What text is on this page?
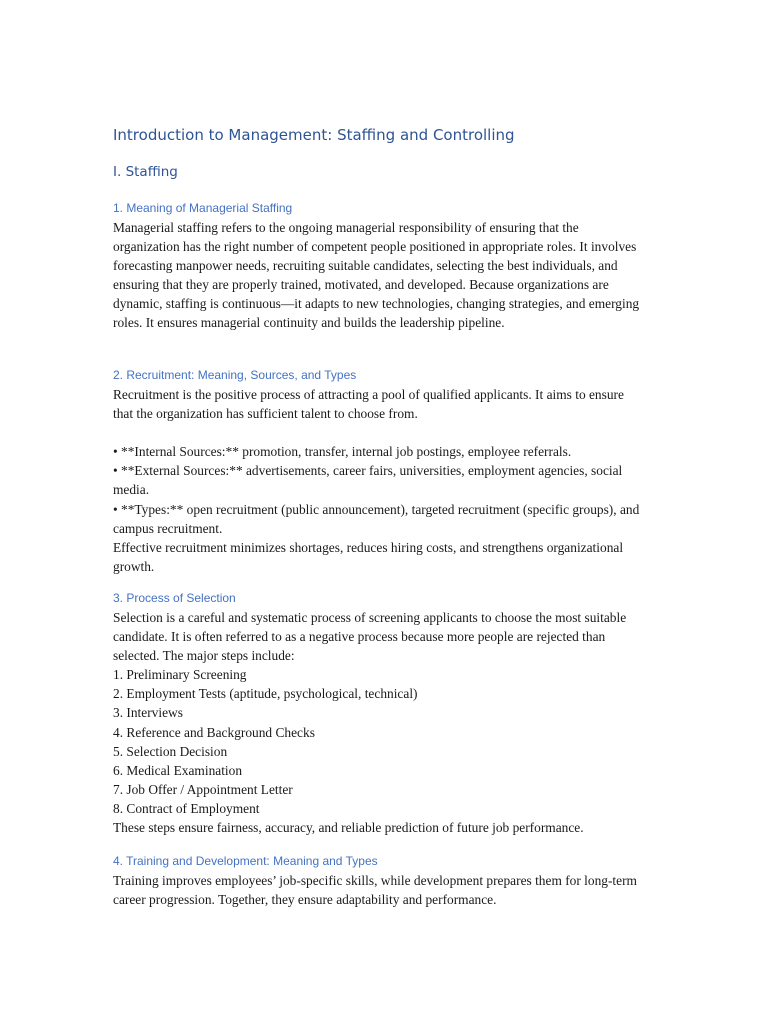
Introduction to Management: Staffing and Controlling
I. Staffing
1. Meaning of Managerial Staffing

Managerial staffing refers to the ongoing managerial responsibility of ensuring that the organization has the right number of competent people positioned in appropriate roles. It involves forecasting manpower needs, recruiting suitable candidates, selecting the best individuals, and ensuring that they are properly trained, motivated, and developed. Because organizations are dynamic, staffing is continuous—it adapts to new technologies, changing strategies, and emerging roles. It ensures managerial continuity and builds the leadership pipeline.

2. Recruitment: Meaning, Sources, and Types

Recruitment is the positive process of attracting a pool of qualified applicants. It aims to ensure that the organization has sufficient talent to choose from.

• **Internal Sources:** promotion, transfer, internal job postings, employee referrals.

• **External Sources:** advertisements, career fairs, universities, employment agencies, social media.

• **Types:** open recruitment (public announcement), targeted recruitment (specific groups), and campus recruitment.

Effective recruitment minimizes shortages, reduces hiring costs, and strengthens organizational growth.

3. Process of Selection

Selection is a careful and systematic process of screening applicants to choose the most suitable candidate. It is often referred to as a negative process because more people are rejected than selected. The major steps include:

1. Preliminary Screening

2. Employment Tests (aptitude, psychological, technical)

3. Interviews

4. Reference and Background Checks

5. Selection Decision

6. Medical Examination

7. Job Offer / Appointment Letter

8. Contract of Employment

These steps ensure fairness, accuracy, and reliable prediction of future job performance.

4. Training and Development: Meaning and Types

Training improves employees’ job-specific skills, while development prepares them for long-term career progression. Together, they ensure adaptability and performance.
